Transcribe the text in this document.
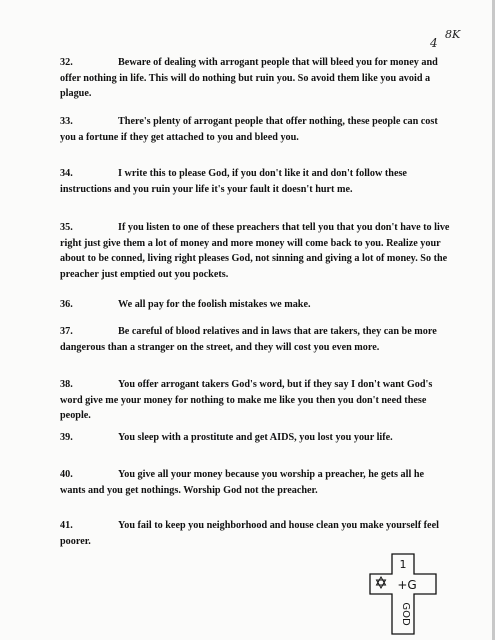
4
8K
32.	Beware of dealing with arrogant people that will bleed you for money and offer nothing in life. This will do nothing but ruin you. So avoid them like you avoid a plague.

33.	There's plenty of arrogant people that offer nothing, these people can cost you a fortune if they get attached to you and bleed you.

34.	I write this to please God, if you don't like it and don't follow these instructions and you ruin your life it's your fault it doesn't hurt me.

35.	If you listen to one of these preachers that tell you that you don't have to live right just give them a lot of money and more money will come back to you. Realize your about to be conned, living right pleases God, not sinning and giving a lot of money. So the preacher just emptied out you pockets.

36.	We all pay for the foolish mistakes we make.

37.	Be careful of blood relatives and in laws that are takers, they can be more dangerous than a stranger on the street, and they will cost you even more.

38.	You offer arrogant takers God's word, but if they say I don't want God's word give me your money for nothing to make me like you then you don't need these people.

39.	You sleep with a prostitute and get AIDS, you lost you your life.

40.	You give all your money because you worship a preacher, he gets all he wants and you get nothings. Worship God not the preacher.

41.	You fail to keep you neighborhood and house clean you make yourself feel poorer.

1
+G
GOD
